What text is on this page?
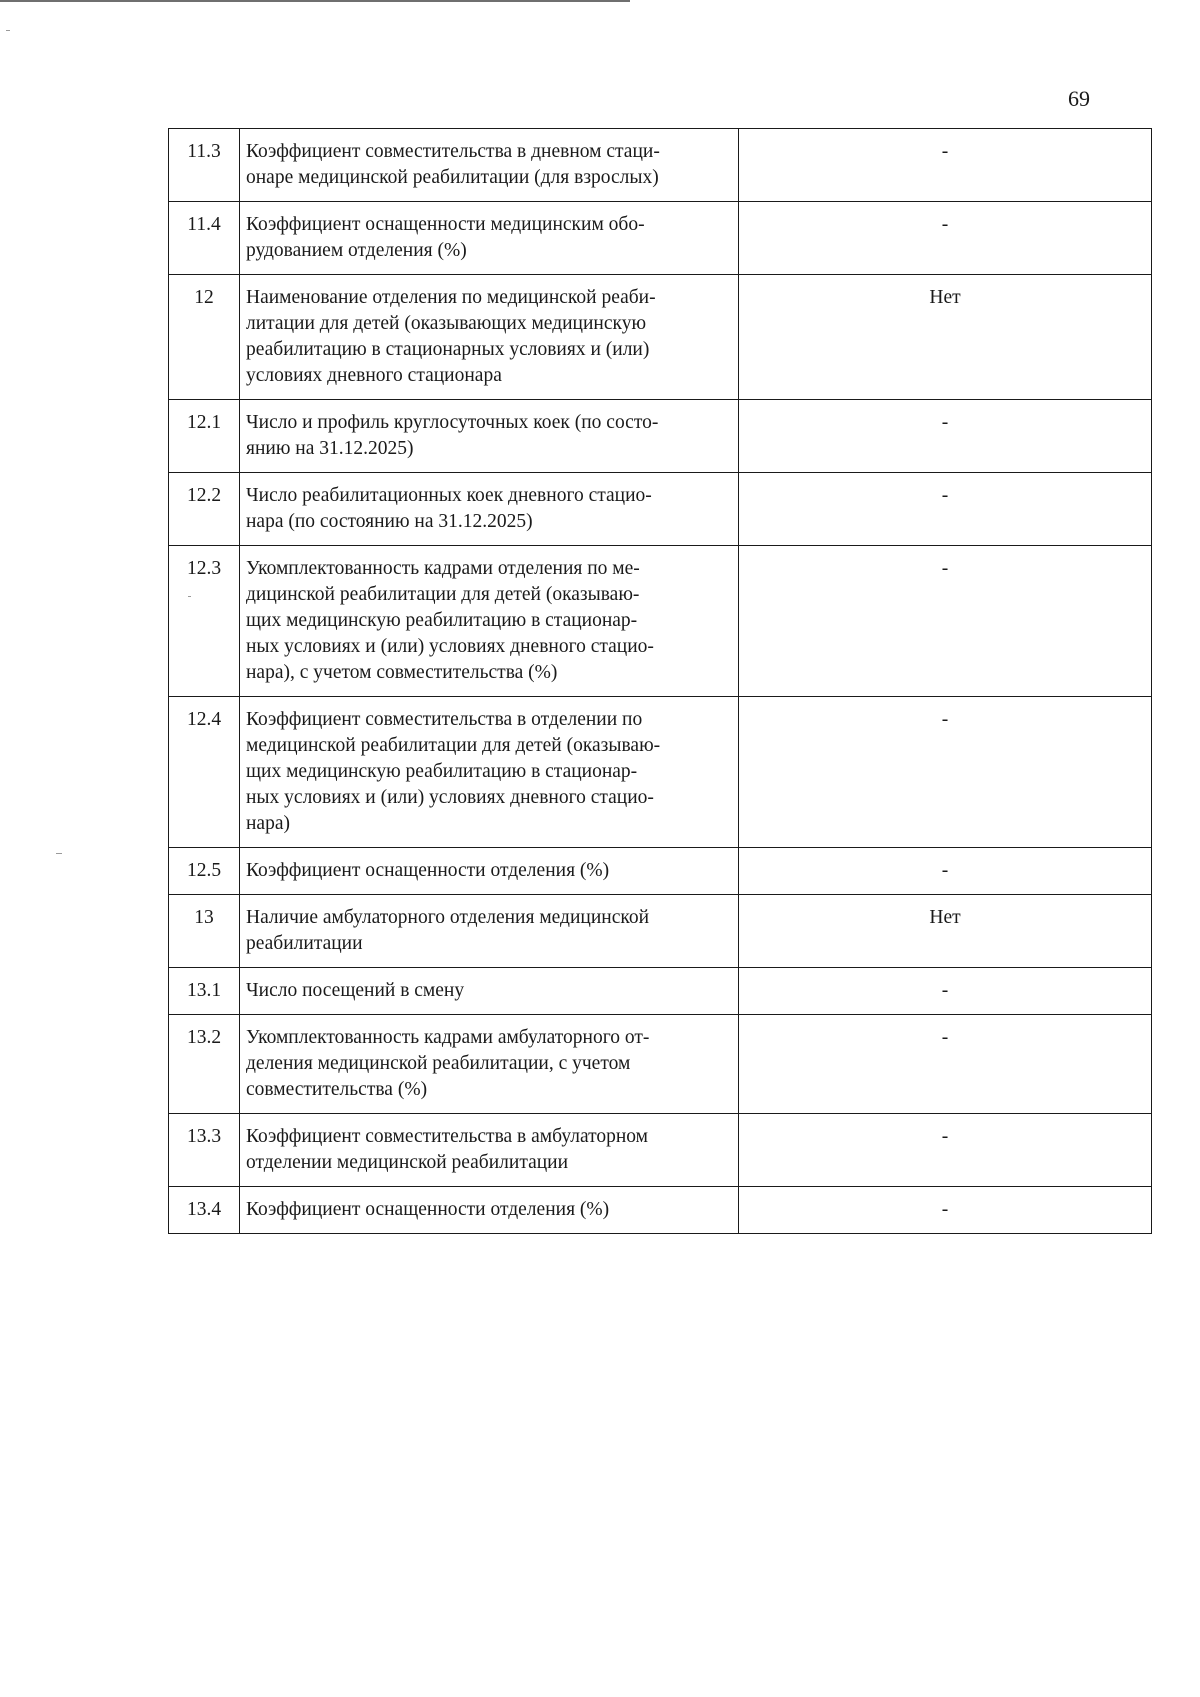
69
11.3	Коэффициент совместительства в дневном стаци-
онаре медицинской реабилитации (для взрослых)	-
11.4	Коэффициент оснащенности медицинским обо-
рудованием отделения (%)	-
12	Наименование отделения по медицинской реаби-
литации для детей (оказывающих медицинскую
реабилитацию в стационарных условиях и (или)
условиях дневного стационара	Нет
12.1	Число и профиль круглосуточных коек (по состо-
янию на 31.12.2025)	-
12.2	Число реабилитационных коек дневного стацио-
нара (по состоянию на 31.12.2025)	-
12.3	Укомплектованность кадрами отделения по ме-
дицинской реабилитации для детей (оказываю-
щих медицинскую реабилитацию в стационар-
ных условиях и (или) условиях дневного стацио-
нара), с учетом совместительства (%)	-
12.4	Коэффициент совместительства в отделении по
медицинской реабилитации для детей (оказываю-
щих медицинскую реабилитацию в стационар-
ных условиях и (или) условиях дневного стацио-
нара)	-
12.5	Коэффициент оснащенности отделения (%)	-
13	Наличие амбулаторного отделения медицинской
реабилитации	Нет
13.1	Число посещений в смену	-
13.2	Укомплектованность кадрами амбулаторного от-
деления медицинской реабилитации, с учетом
совместительства (%)	-
13.3	Коэффициент совместительства в амбулаторном
отделении медицинской реабилитации	-
13.4	Коэффициент оснащенности отделения (%)	-
